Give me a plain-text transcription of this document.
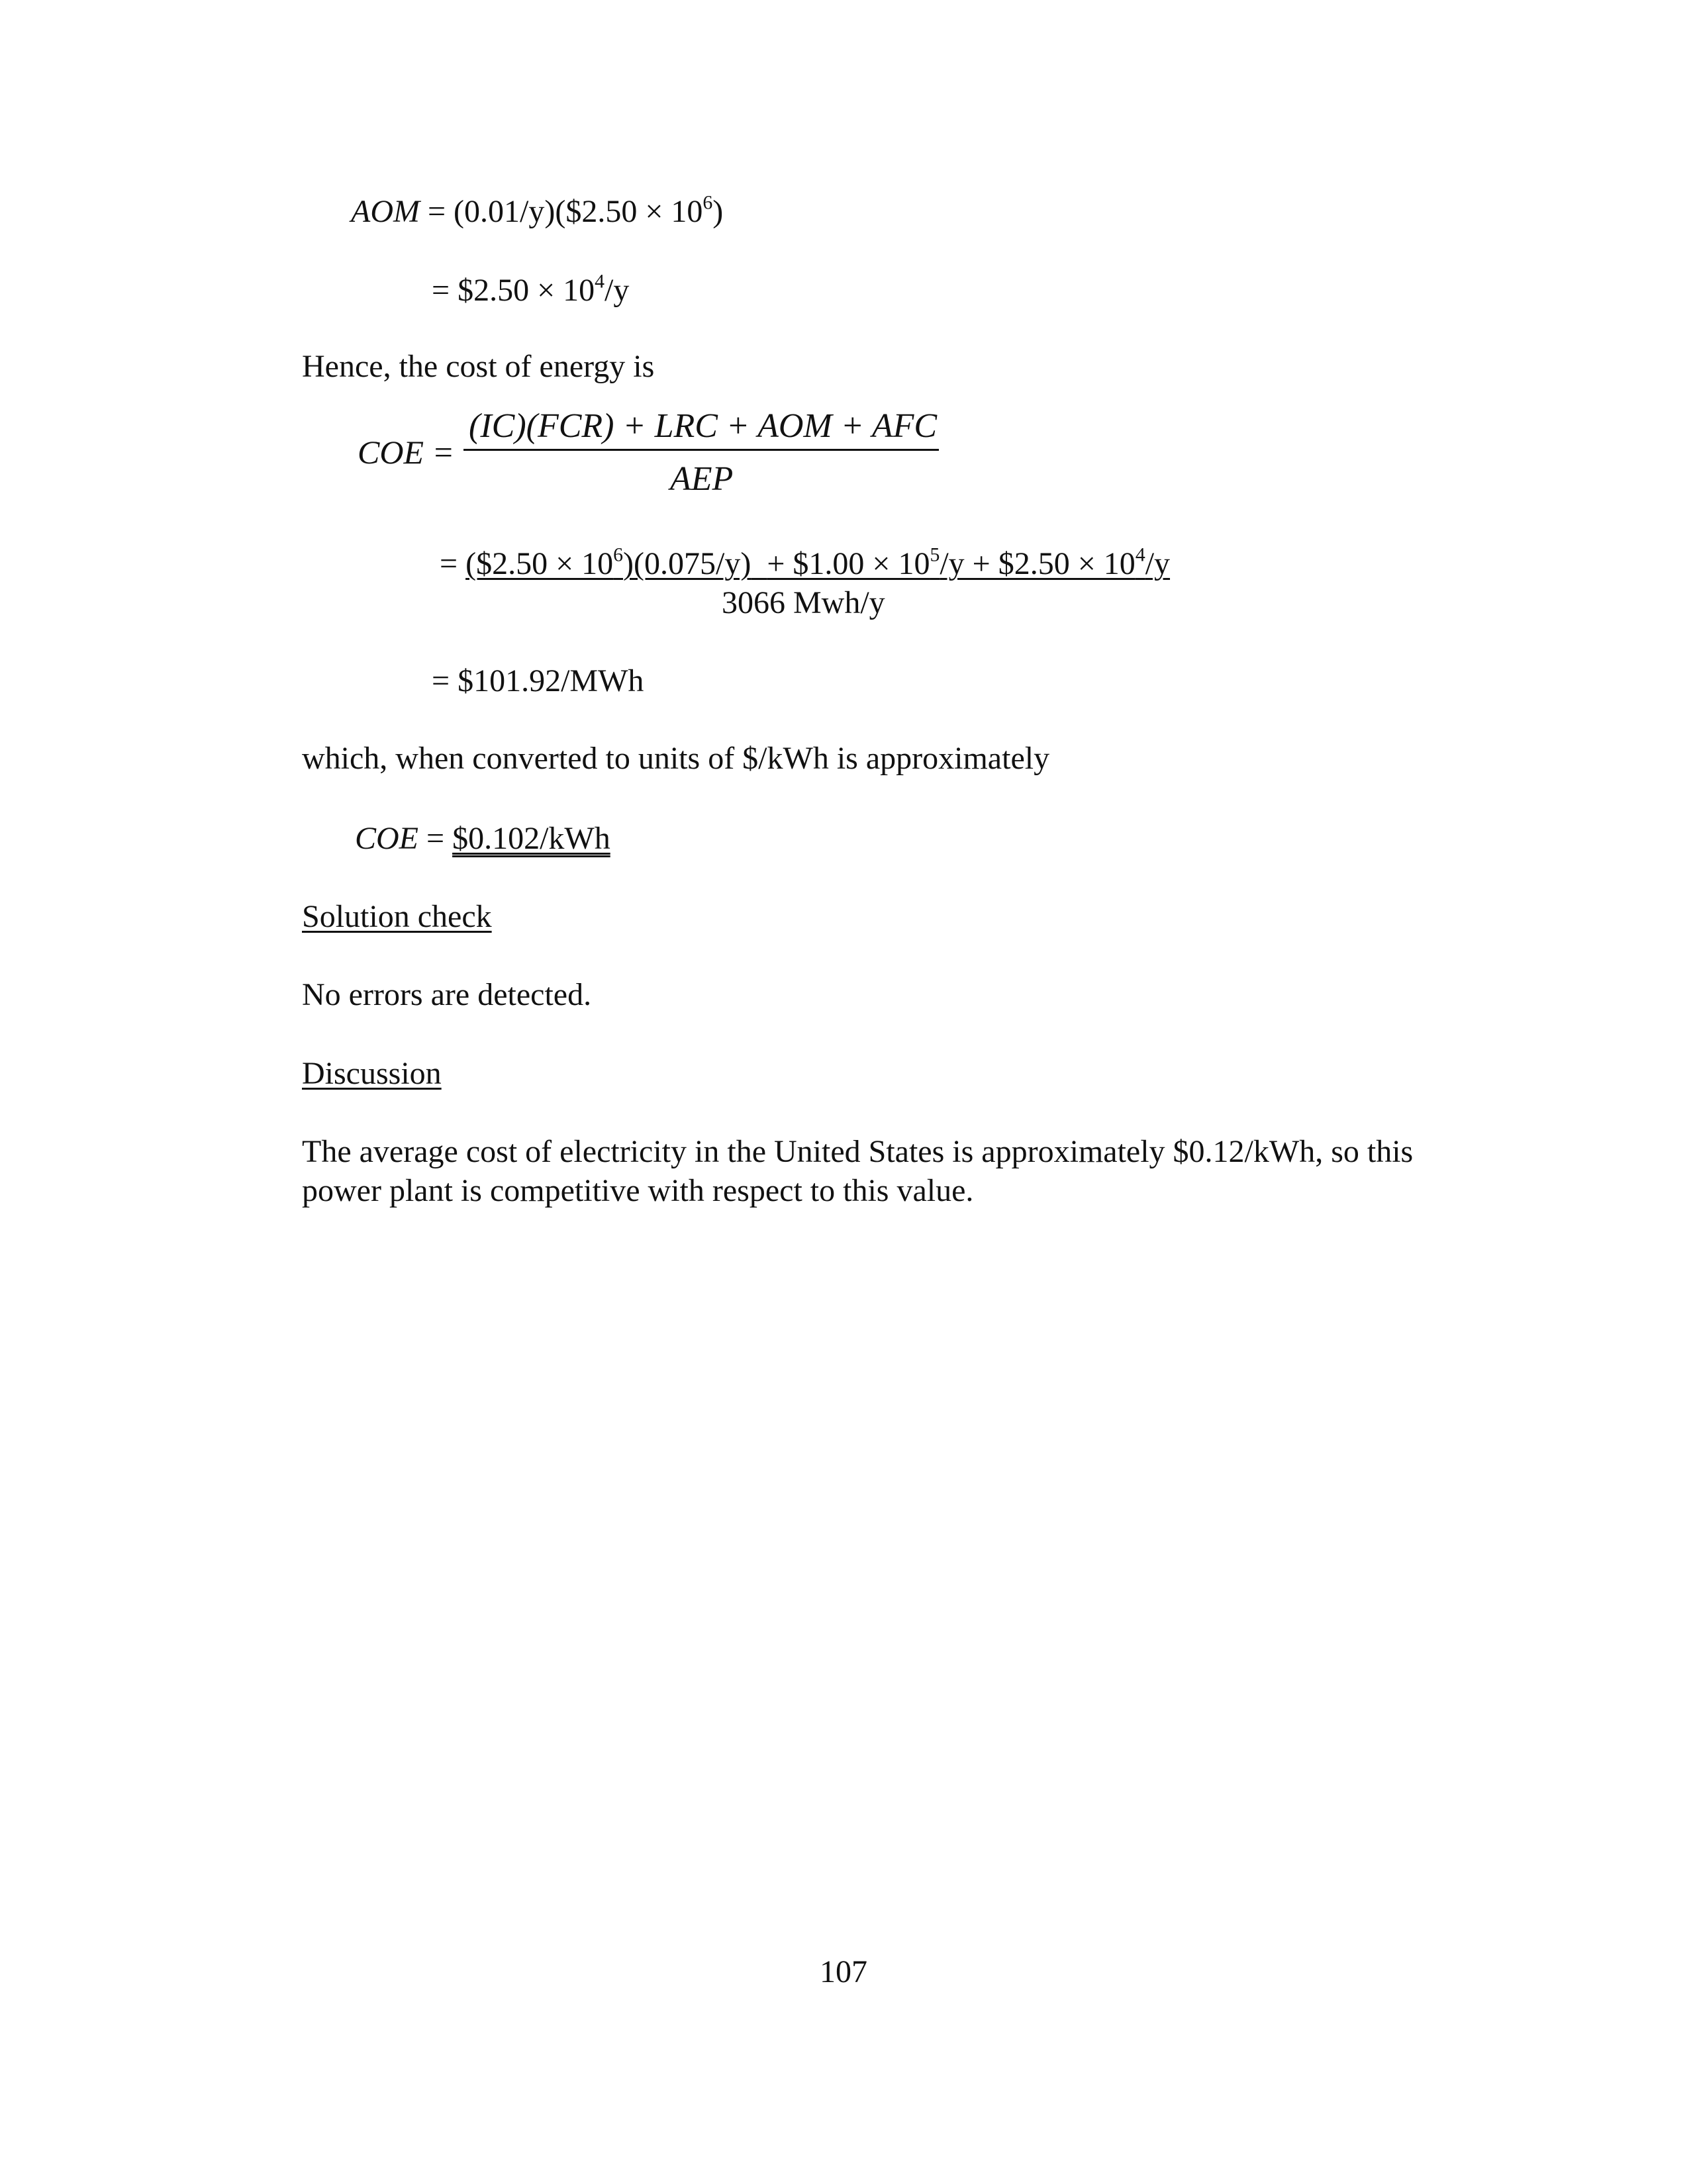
AOM = (0.01/y)($2.50 × $10^6$)
= $2.50 × $10^4/y$
Hence, the cost of energy is
COE =
(IC)(FCR) + LRC + AOM + AFC
AEP
= ($2.50 × $10^6)(0.075/y)$ + $1.00 × $10^5/y$ + $2.50 × $10^4/y$
3066 Mwh/y
= $101.92/MWh
which, when converted to units of $/kWh is approximately
COE = $0.102/kWh
Solution check
No errors are detected.
Discussion
The average cost of electricity in the United States is approximately $0.12/kWh, so this
power plant is competitive with respect to this value.
107
